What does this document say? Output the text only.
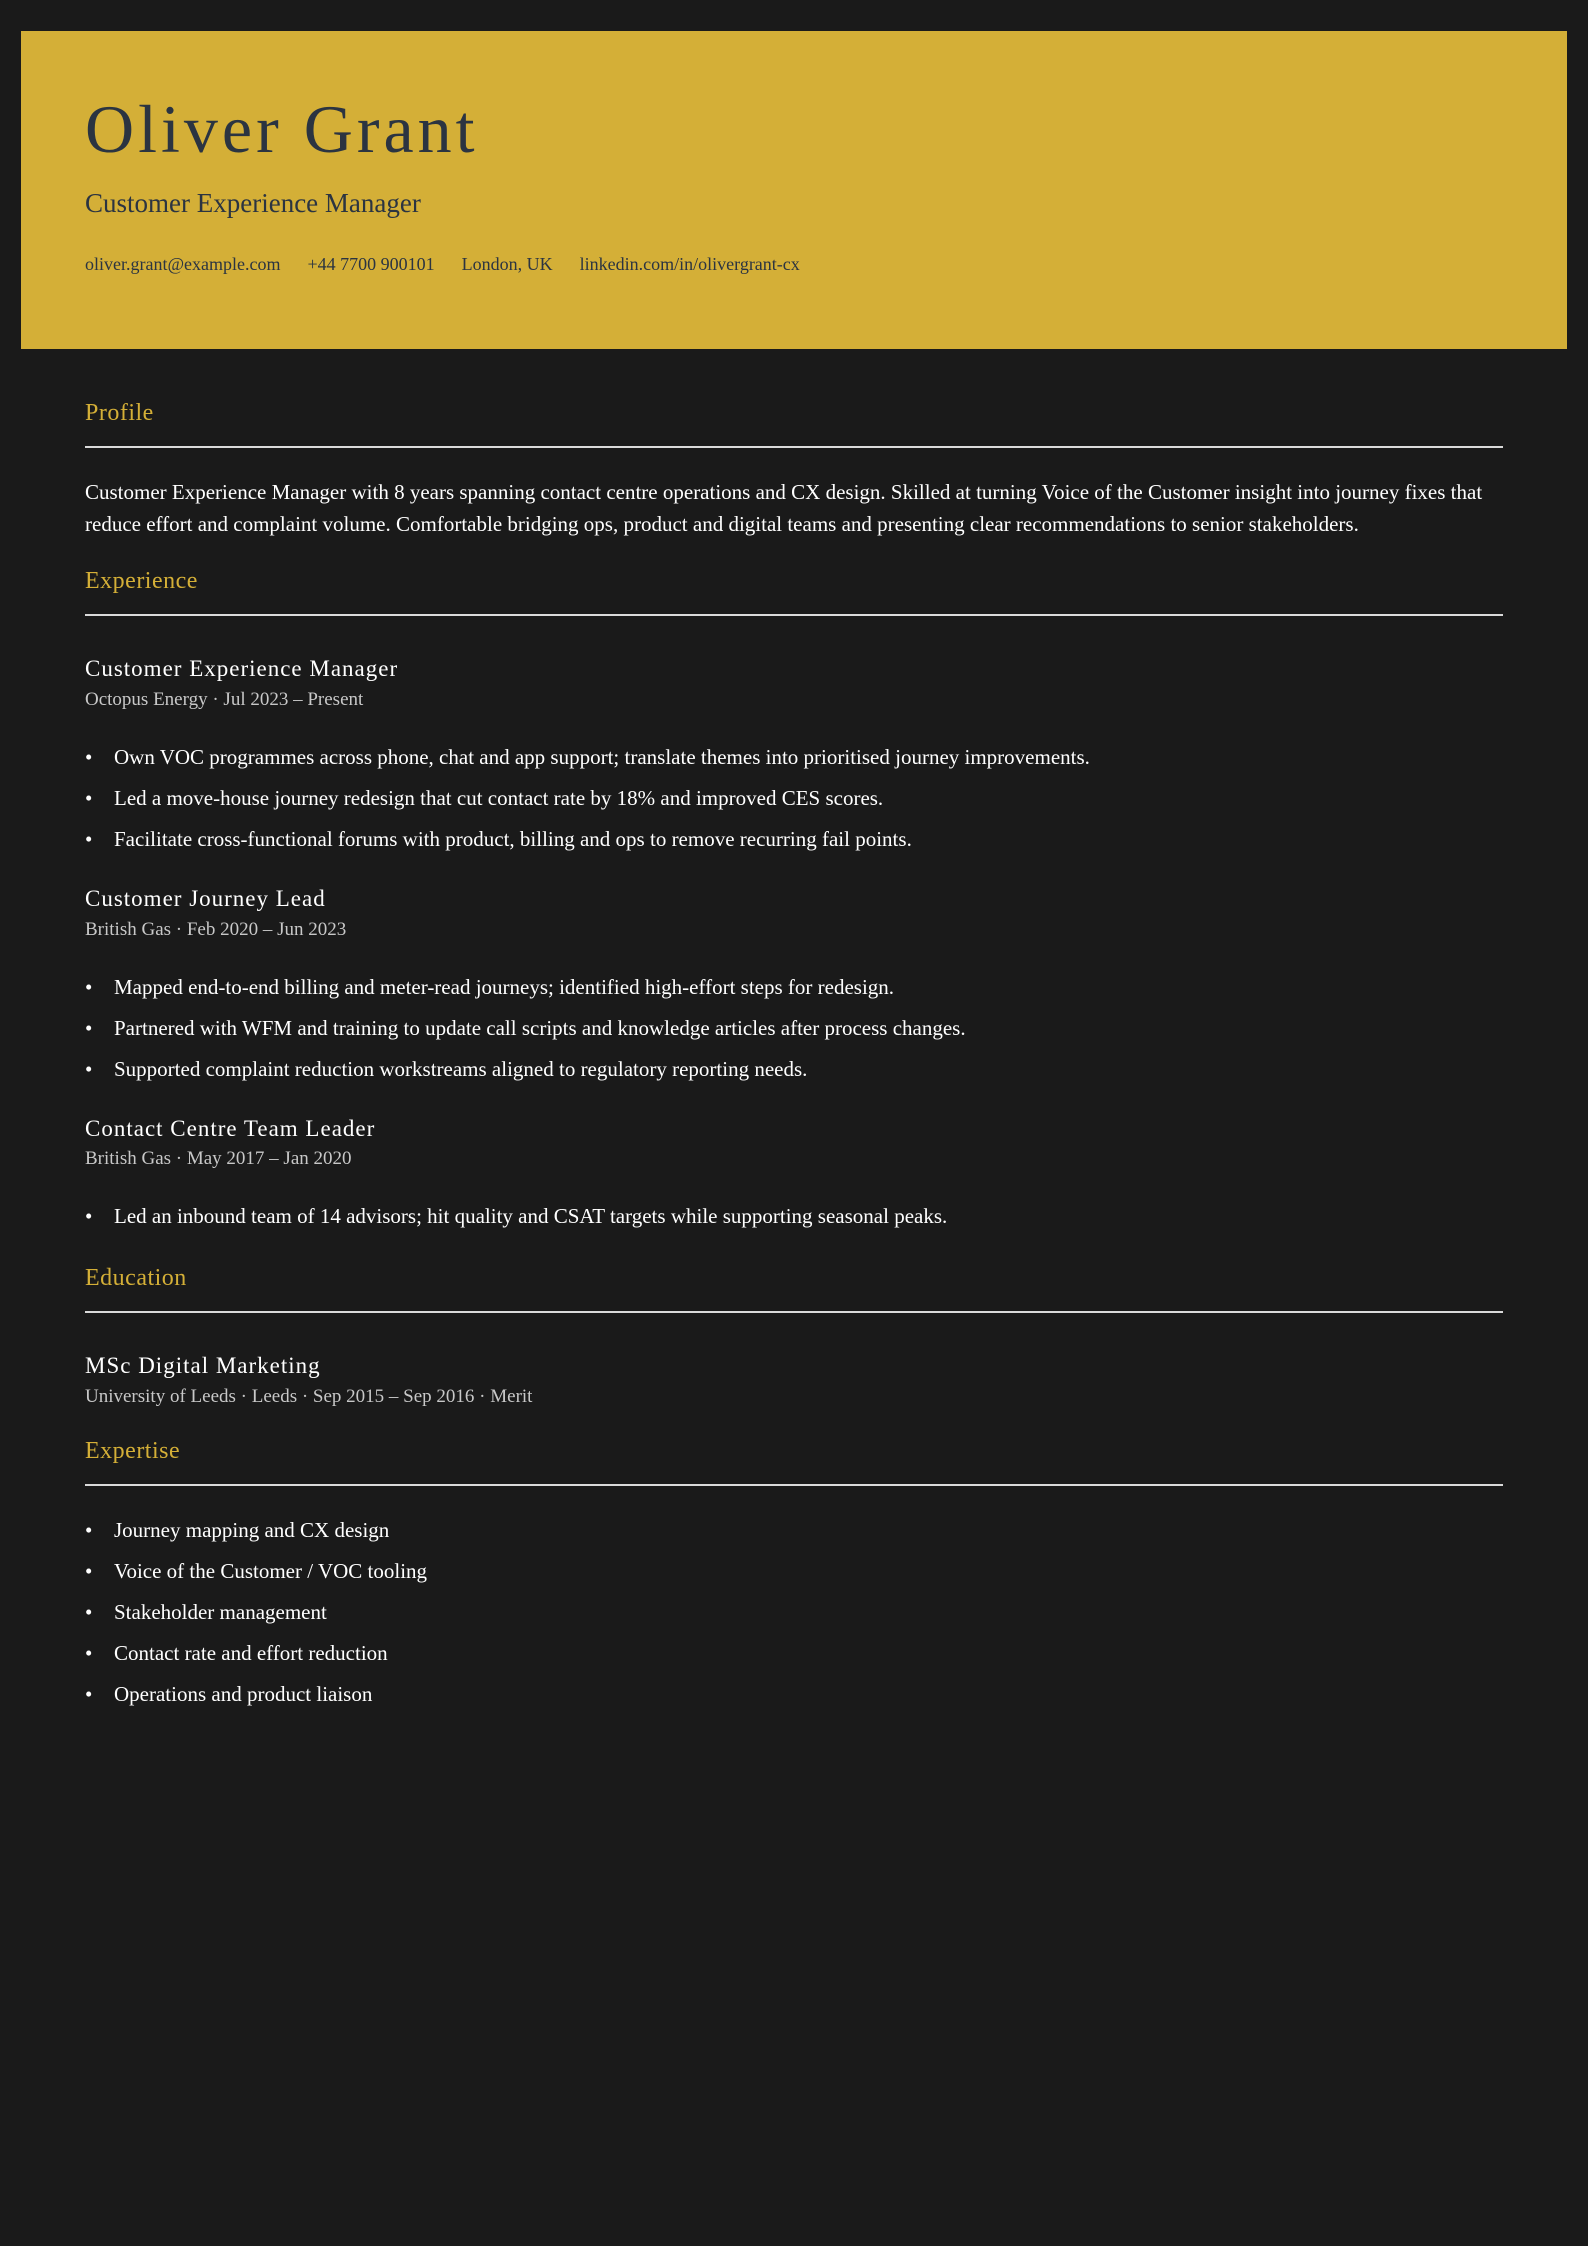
Oliver Grant
Customer Experience Manager
oliver.grant@example.com +44 7700 900101 London, UK linkedin.com/in/olivergrant-cx
Profile

Customer Experience Manager with 8 years spanning contact centre operations and CX design. Skilled at turning Voice of the Customer insight into journey fixes that reduce effort and complaint volume. Comfortable bridging ops, product and digital teams and presenting clear recommendations to senior stakeholders.

Experience
Customer Experience Manager

Octopus Energy · Jul 2023 – Present

• Own VOC programmes across phone, chat and app support; translate themes into prioritised journey improvements.
• Led a move-house journey redesign that cut contact rate by 18% and improved CES scores.
• Facilitate cross-functional forums with product, billing and ops to remove recurring fail points.
Customer Journey Lead

British Gas · Feb 2020 – Jun 2023

• Mapped end-to-end billing and meter-read journeys; identified high-effort steps for redesign.
• Partnered with WFM and training to update call scripts and knowledge articles after process changes.
• Supported complaint reduction workstreams aligned to regulatory reporting needs.
Contact Centre Team Leader

British Gas · May 2017 – Jan 2020

• Led an inbound team of 14 advisors; hit quality and CSAT targets while supporting seasonal peaks.
Education
MSc Digital Marketing

University of Leeds · Leeds · Sep 2015 – Sep 2016 · Merit

Expertise
• Journey mapping and CX design
• Voice of the Customer / VOC tooling
• Stakeholder management
• Contact rate and effort reduction
• Operations and product liaison
